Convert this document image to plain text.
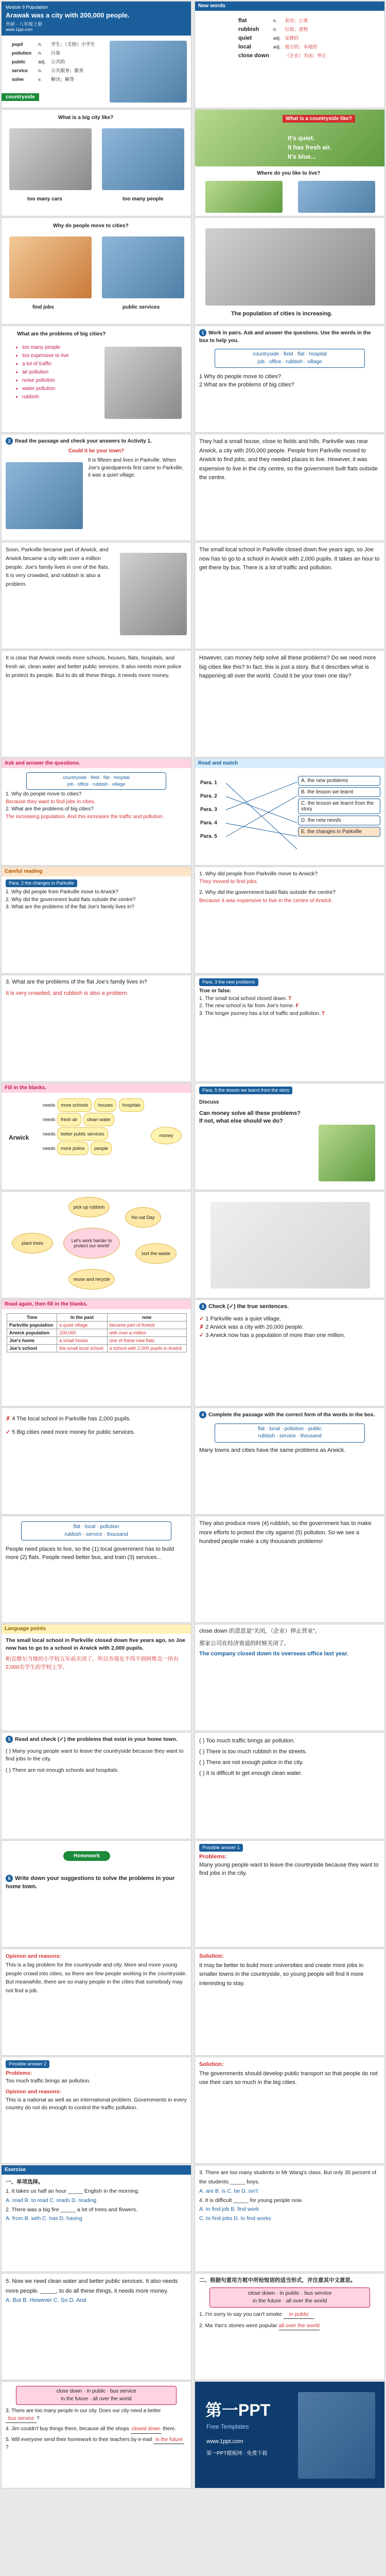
Module 9 Population
Arawak was a city with 200,000 people.
外研 · 八年级上册
www.1ppt.com
pupil	n.	学生；（尤指）小学生
pollution	n.	污染
public	adj.	公共的
service	n.	公共服务；服务
solve	v.	解决；解答
countryside
New words
flat	n.	套房；公寓
rubbish	n.	垃圾；废物
quiet	adj.	安静的
local	adj.	地方的；本地的
close down		（企业）关闭；停止
What is a big city like?
too many cars	too many people
What is a countryside like?
It's quiet.
It has fresh air.
It's blue...
Where do you like to live?
Why do people move to cities?
find jobs	public services
The population of cities is increasing.
What are the problems of big cities?
• too many people
• too expensive to live
• a lot of traffic
• air pollution
• noise pollution
• water pollution
• rubbish
1 Work in pairs. Ask and answer the questions. Use the words in the box to help you.
countryside · field · flat · hospital
job · office · rubbish · village
1 Why do people move to cities?
2 What are the problems of big cities?
2 Read the passage and check your answers to Activity 1.
Could it be your town?
It is fifteen and lives in Parkville. When Joe's grandparents first came to Parkville, it was a quiet village.
They had a small house, close to fields and hills. Parkville was near Arwick, a city with 200,000 people. People from Parkville moved to Arwick to find jobs, and they needed places to live. However, it was expensive to live in the city centre, so the government built flats outside the centre.
Soon, Parkville became part of Arwick, and Arwick became a city with over a million people. Joe's family lives in one of the flats. It is very crowded, and rubbish is also a problem.
The small local school in Parkville closed down five years ago, so Joe now has to go to a school in Arwick with 2,000 pupils. It takes an hour to get there by bus. There is a lot of traffic and pollution.
It is clear that Arwick needs more schools, houses, flats, hospitals, and fresh air, clean water and better public services. It also needs more police to protect its people. But to do all these things, it needs more money.
However, can money help solve all these problems? Do we need more big cities like this? In fact, this is just a story. But it describes what is happening all over the world. Could it be your town one day?
Ask and answer the questions.
countryside · field · flat · hospital
job · office · rubbish · village
1. Why do people move to cities?
Because they want to find jobs in cities.
2. What are the problems of big cities?
The increasing population. And this increases the traffic and pollution.
Read and match
Para. 1
Para. 2
Para. 3
Para. 4
Para. 5
A. the new problems
B. the lesson we learnt
C. the lesson we learnt from the story
D. the new needs
E. the changes in Parkville
Careful reading
Para. 2 the changes in Parkville
1. Why did people from Parkville move to Arwick?
2. Why did the government build flats outside the centre?
3. What are the problems of the flat Joe's family lives in?
1. Why did people from Parkville move to Arwick?
They moved to find jobs.
2. Why did the government build flats outside the centre?
Because it was expensive to live in the centre of Arwick.
3. What are the problems of the flat Joe's family lives in?
It is very crowded, and rubbish is also a problem.
Para. 3 the new problems
True or false.
1. The small local school closed down. T
2. The new school is far from Joe's home. F
3. The longer journey has a lot of traffic and pollution. T
Fill in the blanks.
Arwick
needs more schools houses hospitals
needs fresh air clean water
needs better public services
needs more police people
money
Para. 5 the lesson we learnt from the story
Discuss
Can money solve all these problems?
If not, what else should we do?
pick up rubbish
No-cat Day
plant trees	Let's work harder to protect our world!
sort the waste
reuse and recycle
Read again, then fill in the blanks.
Time	In the past	now
Parkville population	a quiet village	became part of Arwick
Arwick population	200,000	with over a million
Joe's home	a small house	one of these new flats
Joe's school	the small local school	a school with 2,000 pupils in Arwick
3 Check (✓) the true sentences.
✓ 1 Parkville was a quiet village.
✗ 2 Arwick was a city with 20,000 people.
✓ 3 Arwick now has a population of more than one million.
✗ 4 The local school in Parkville has 2,000 pupils.
✓ 5 Big cities need more money for public services.
4 Complete the passage with the correct form of the words in the box.
flat · local · pollution · public
rubbish · service · thousand
Many towns and cities have the same problems as Arwick.
flat · local · pollution
rubbish · service · thousand
People need places to live, so the (1) local government has to build more (2) flats. People need better bus, and train (3) services...
They also produce more (4) rubbish, so the government has to make more efforts to protect the city against (5) pollution. So we see a hundred people make a city thousands problems!
Language points
The small local school in Parkville closed down five years ago, so Joe now has to go to a school in Arwick with 2,000 pupils.
帕克维尔当地的小学校五年前关闭了，所以乔现在不得不到阿维克一所有2,000名学生的学校上学。
close down 的意思是“关闭，（企业）停止营业”。
那家公司在经济衰退的时候关闭了。
The company closed down its overseas office last year.
5 Read and check (✓) the problems that exist in your home town.
( ) Many young people want to leave the countryside because they want to find jobs in the city.
( ) There are not enough schools and hospitals.
( ) Too much traffic brings air pollution.
( ) There is too much rubbish in the streets.
( ) There are not enough police in the city.
( ) It is difficult to get enough clean water.
Homework
6 Write down your suggestions to solve the problems in your home town.
Possible answer 1
Problems:
Many young people want to leave the countryside because they want to find jobs in the city.
Opinion and reasons:
This is a big problem for the countryside and city. More and more young people crowd into cities, so there are few people working in the countryside. But meanwhile, there are so many people in the cities that somebody may not find a job.
Solution:
It may be better to build more universities and create more jobs in smaller towns in the countryside, so young people will find it more interesting to stay.
Possible answer 2
Problems:
Too much traffic brings air pollution.
Opinion and reasons:
This is a national as well as an international problem. Governments in every country do not do enough to control the traffic pollution.
Solution:
The governments should develop public transport so that people do not use their cars so much in the big cities.
Exercise
一、单项选择。
1. It takes us half an hour _____ English in the morning.
A. read B. to read C. reads D. reading
2. There was a big fire _____ a lot of trees and flowers.
A. from B. with C. has D. having
3. There are too many students in Mr Wang's class. But only 35 percent of the students _____ boys.
A. are B. is C. be D. isn't
4. It is difficult _____ for young people now.
A. to find job B. find work
C. to find jobs D. to find works
5. Now we need clean water and better public services. It also needs more people. _____, to do all these things, it needs more money.
A. But B. However C. So D. And
二、根据句意用方框中所给短语的适当形式，并注意其中文意思。
close down · in public · bus service
in the future · all over the world
1. I'm sorry to say you can't smoke in public
2. Ma Yan's stories were popular all over the world
close down · in public · bus service
in the future · all over the world
3. There are too many people in our city. Does our city need a better bus service ?
4. Jim couldn't buy things there, because all the shops closed down there.
5. Will everyone send their homework to their teachers by e-mail in the future?
第一PPT
Free Templates
www.1ppt.com
第一PPT模板网 · 免费下载
